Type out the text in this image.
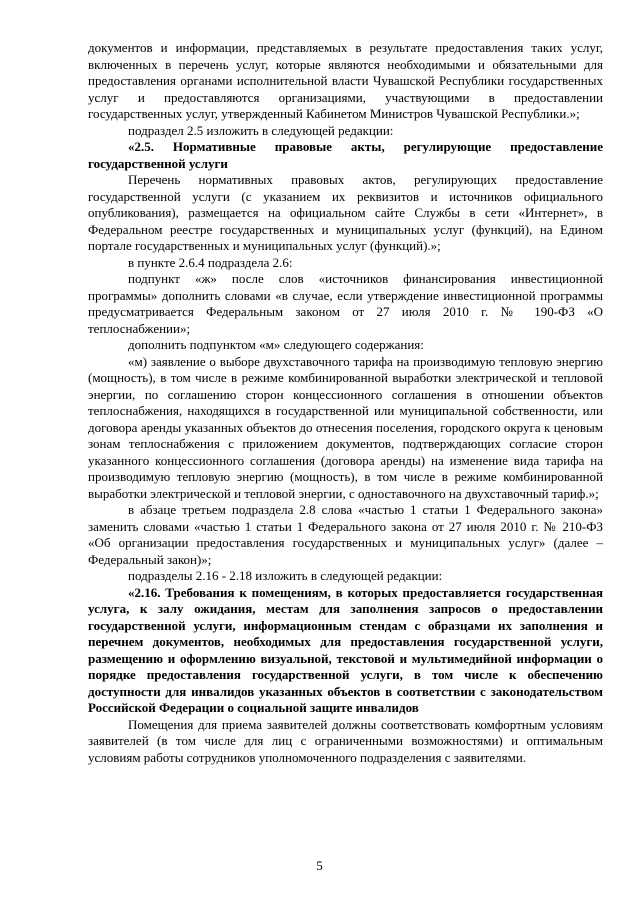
документов и информации, представляемых в результате предоставления таких услуг, включенных в перечень услуг, которые являются необходимыми и обязательными для предоставления органами исполнительной власти Чувашской Республики государственных услуг и предоставляются организациями, участвующими в предоставлении государственных услуг, утвержденный Кабинетом Министров Чувашской Республики.»;

подраздел 2.5 изложить в следующей редакции:

«2.5. Нормативные правовые акты, регулирующие предоставление государственной услуги

Перечень нормативных правовых актов, регулирующих предоставление государственной услуги (с указанием их реквизитов и источников официального опубликования), размещается на официальном сайте Службы в сети «Интернет», в Федеральном реестре государственных и муниципальных услуг (функций), на Едином портале государственных и муниципальных услуг (функций).»;

в пункте 2.6.4 подраздела 2.6:

подпункт «ж» после слов «источников финансирования инвестиционной программы» дополнить словами «в случае, если утверждение инвестиционной программы предусматривается Федеральным законом от 27 июля 2010 г. № 190-ФЗ «О теплоснабжении»;

дополнить подпунктом «м» следующего содержания:

«м) заявление о выборе двухставочного тарифа на производимую тепловую энергию (мощность), в том числе в режиме комбинированной выработки электрической и тепловой энергии, по соглашению сторон концессионного соглашения в отношении объектов теплоснабжения, находящихся в государственной или муниципальной собственности, или договора аренды указанных объектов до отнесения поселения, городского округа к ценовым зонам теплоснабжения с приложением документов, подтверждающих согласие сторон указанного концессионного соглашения (договора аренды) на изменение вида тарифа на производимую тепловую энергию (мощность), в том числе в режиме комбинированной выработки электрической и тепловой энергии, с одноставочного на двухставочный тариф.»;

в абзаце третьем подраздела 2.8 слова «частью 1 статьи 1 Федерального закона» заменить словами «частью 1 статьи 1 Федерального закона от 27 июля 2010 г. № 210-ФЗ «Об организации предоставления государственных и муниципальных услуг» (далее – Федеральный закон)»;

подразделы 2.16 - 2.18 изложить в следующей редакции:

«2.16. Требования к помещениям, в которых предоставляется государственная услуга, к залу ожидания, местам для заполнения запросов о предоставлении государственной услуги, информационным стендам с образцами их заполнения и перечнем документов, необходимых для предоставления государственной услуги, размещению и оформлению визуальной, текстовой и мультимедийной информации о порядке предоставления государственной услуги, в том числе к обеспечению доступности для инвалидов указанных объектов в соответствии с законодательством Российской Федерации о социальной защите инвалидов

Помещения для приема заявителей должны соответствовать комфортным условиям заявителей (в том числе для лиц с ограниченными возможностями) и оптимальным условиям работы сотрудников уполномоченного подразделения с заявителями.

5
